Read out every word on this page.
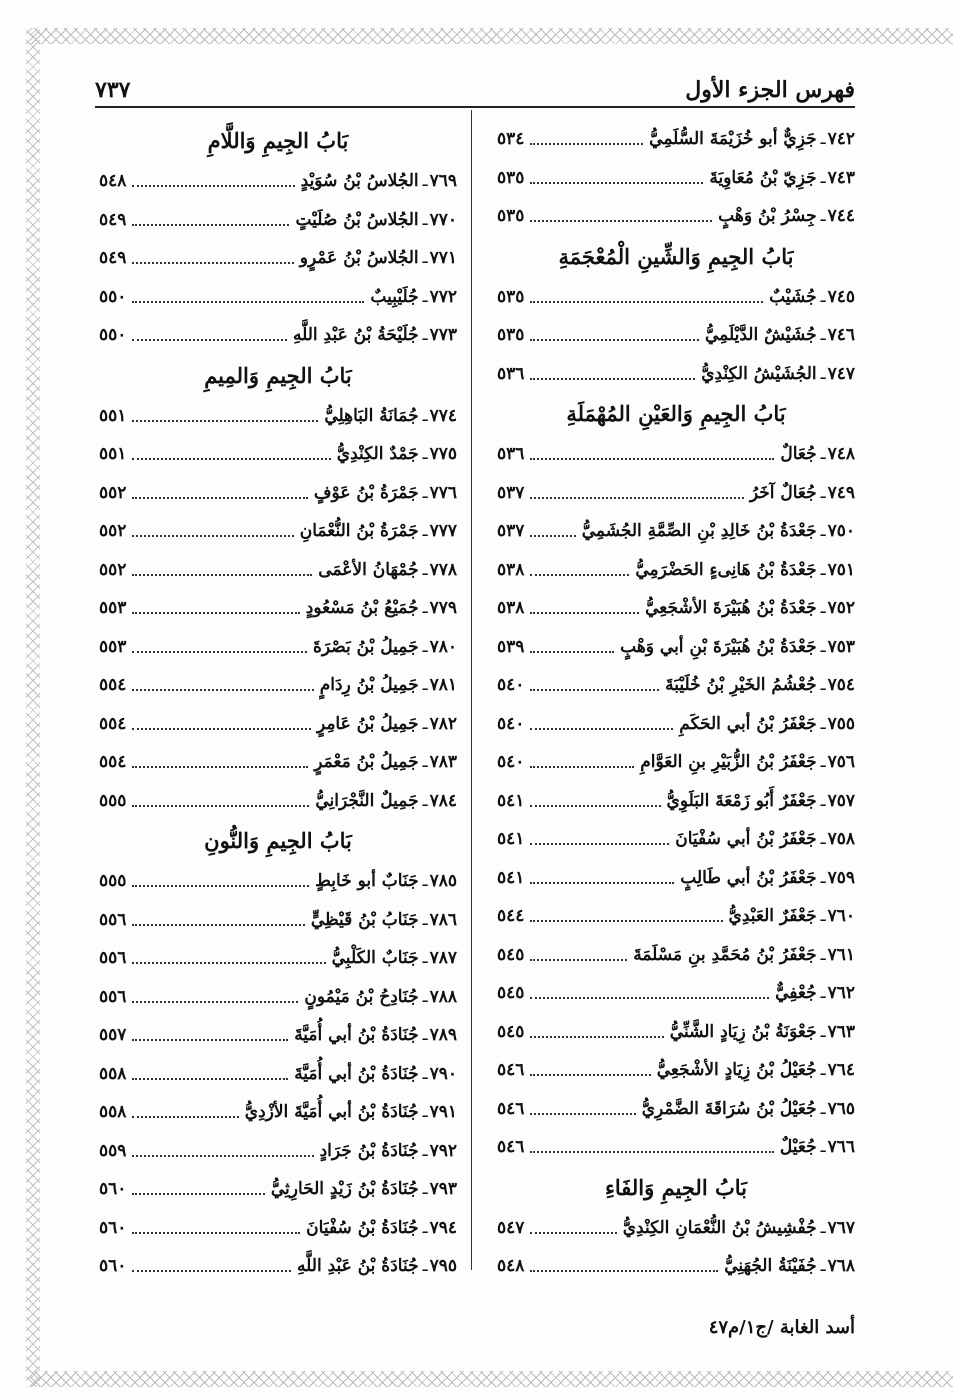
فهرس الجزء الأول
٧٣٧
٧٤٢
ـ
جَزِيٌّ أبو خُزَيْمَةَ السُّلَمِيُّ
٥٣٤
٧٤٣
ـ
جَزِيّ بْنُ مُعَاوِيَةَ
٥٣٥
٧٤٤
ـ
جِسْرُ بْنُ وَهْبٍ
٥٣٥
بَابُ الجِيمِ وَالشِّينِ الْمُعْجَمَةِ
٧٤٥
ـ
جُشَيْبٌ
٥٣٥
٧٤٦
ـ
جُشَيْشٌ الدَّيْلَمِيُّ
٥٣٥
٧٤٧
ـ
الجُشَيْشُ الكِنْدِيُّ
٥٣٦
بَابُ الجِيمِ وَالعَيْنِ المُهْمَلَةِ
٧٤٨
ـ
جُعَالٌ
٥٣٦
٧٤٩
ـ
جُعَالٌ آخَرُ
٥٣٧
٧٥٠
ـ
جَعْدَةُ بْنُ خَالِدِ بْنِ الصِّمَّةِ الجُشَمِيُّ
٥٣٧
٧٥١
ـ
جَعْدَةُ بْنُ هَانِىءٍ الحَضْرَمِيُّ
٥٣٨
٧٥٢
ـ
جَعْدَةُ بْنُ هُبَيْرَةَ الأشْجَعِيُّ
٥٣٨
٧٥٣
ـ
جَعْدَةُ بْنُ هُبَيْرَةَ بْنِ أبي وَهْبٍ
٥٣٩
٧٥٤
ـ
جُعْشُمُ الخَيْرِ بْنُ خُلَيْبَةَ
٥٤٠
٧٥٥
ـ
جَعْفَرُ بْنُ أبي الحَكَمِ
٥٤٠
٧٥٦
ـ
جَعْفَرُ بْنُ الزُّبَيْرِ بنِ العَوَّامِ
٥٤٠
٧٥٧
ـ
جَعْفَرٌ أَبُو زَمْعَةَ البَلَوِيُّ
٥٤١
٧٥٨
ـ
جَعْفَرُ بْنُ أبي سُفْيَانَ
٥٤١
٧٥٩
ـ
جَعْفَرُ بْنُ أبي طَالِبٍ
٥٤١
٧٦٠
ـ
جَعْفَرٌ العَبْدِيُّ
٥٤٤
٧٦١
ـ
جَعْفَرُ بْنُ مُحَمَّدِ بنِ مَسْلَمَةَ
٥٤٥
٧٦٢
ـ
جُعْفِيٌّ
٥٤٥
٧٦٣
ـ
جَعْوَنَةُ بْنُ زِيَادٍ الشَّنِّيُّ
٥٤٥
٧٦٤
ـ
جُعَيْلُ بْنُ زِيَادٍ الأشْجَعِيُّ
٥٤٦
٧٦٥
ـ
جُعَيْلُ بْنُ سُرَاقَةَ الضَّمْرِيُّ
٥٤٦
٧٦٦
ـ
جُعَيْلٌ
٥٤٦
بَابُ الجِيمِ وَالفَاءِ
٧٦٧
ـ
جُفْشِيشُ بْنُ النُّعْمَانِ الكِنْدِيُّ
٥٤٧
٧٦٨
ـ
جُفَيْنَةُ الجُهَنِيُّ
٥٤٨
بَابُ الجِيمِ وَاللَّامِ
٧٦٩
ـ
الجُلاسُ بْنُ سُوَيْدٍ
٥٤٨
٧٧٠
ـ
الجُلاسُ بْنُ صُلَيْتٍ
٥٤٩
٧٧١
ـ
الجُلاسُ بْنُ عَمْرٍو
٥٤٩
٧٧٢
ـ
جُلَيْبِيبٌ
٥٥٠
٧٧٣
ـ
جُلَيْحَةُ بْنُ عَبْدِ اللَّهِ
٥٥٠
بَابُ الجِيمِ وَالمِيمِ
٧٧٤
ـ
جُمَانَةُ البَاهِلِيُّ
٥٥١
٧٧٥
ـ
جَمْدٌ الكِنْدِيُّ
٥٥١
٧٧٦
ـ
جَمْرَةُ بْنُ عَوْفٍ
٥٥٢
٧٧٧
ـ
جَمْرَةُ بْنُ النُّعْمَانِ
٥٥٢
٧٧٨
ـ
جُمْهَانُ الأعْمَى
٥٥٢
٧٧٩
ـ
جُمَيْعُ بْنُ مَسْعُودٍ
٥٥٣
٧٨٠
ـ
جَمِيلُ بْنُ بَصْرَةَ
٥٥٣
٧٨١
ـ
جَمِيلُ بْنُ رِدَامٍ
٥٥٤
٧٨٢
ـ
جَمِيلُ بْنُ عَامِرٍ
٥٥٤
٧٨٣
ـ
جَمِيلُ بْنُ مَعْمَرٍ
٥٥٤
٧٨٤
ـ
جَمِيلٌ النَّجْرَانِيُّ
٥٥٥
بَابُ الجِيمِ وَالنُّونِ
٧٨٥
ـ
جَنَابٌ أبو خَابِطٍ
٥٥٥
٧٨٦
ـ
جَنَابُ بْنُ قَيْظِيٍّ
٥٥٦
٧٨٧
ـ
جَنَابٌ الكَلْبِيُّ
٥٥٦
٧٨٨
ـ
جُنَادِحُ بْنُ مَيْمُونٍ
٥٥٦
٧٨٩
ـ
جُنَادَةُ بْنُ أبي أُمَيَّةَ
٥٥٧
٧٩٠
ـ
جُنَادَةُ بْنُ أبي أُمَيَّةَ
٥٥٨
٧٩١
ـ
جُنَادَةُ بْنُ أبي أُمَيَّةَ الأزْدِيُّ
٥٥٨
٧٩٢
ـ
جُنَادَةُ بْنُ جَرَادٍ
٥٥٩
٧٩٣
ـ
جُنَادَةُ بْنُ زَيْدٍ الحَارِثِيُّ
٥٦٠
٧٩٤
ـ
جُنَادَةُ بْنُ سُفْيَانَ
٥٦٠
٧٩٥
ـ
جُنَادَةُ بْنُ عَبْدِ اللَّهِ
٥٦٠
أسد الغابة /ج١/م٤٧
